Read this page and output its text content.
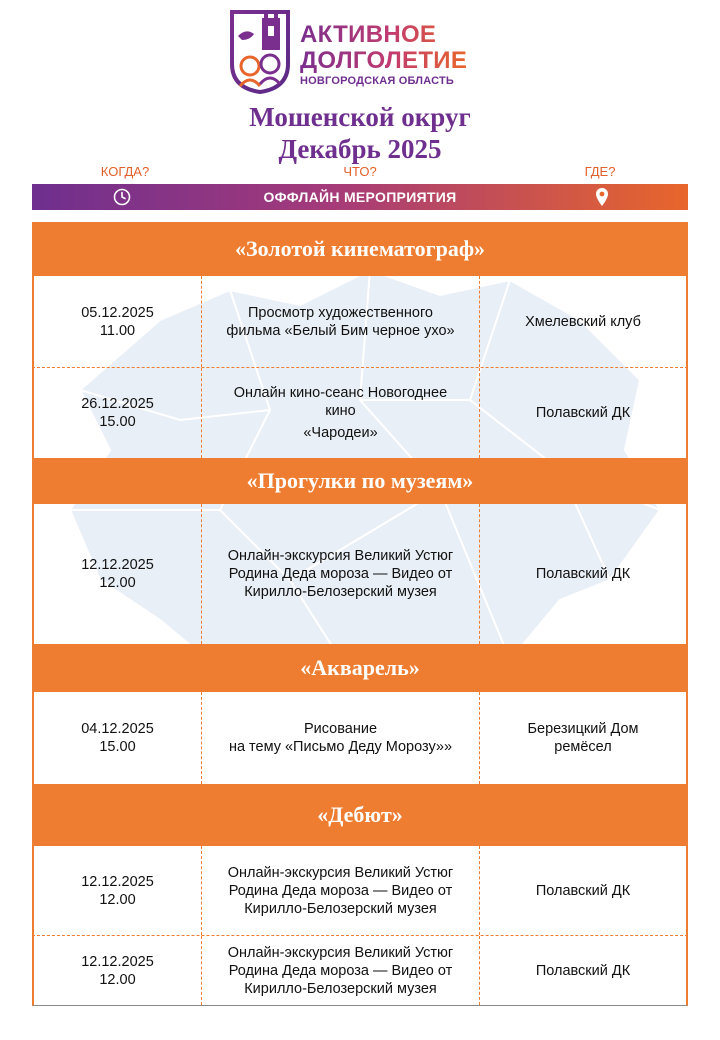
АКТИВНОЕ
ДОЛГОЛЕТИЕ
НОВГОРОДСКАЯ ОБЛАСТЬ
Мошенской округ
Декабрь 2025
КОГДА?	ЧТО?	ГДЕ?
ОФФЛАЙН МЕРОПРИЯТИЯ
«Золотой кинематограф»
05.12.2025
11.00
Просмотр художественного
фильма «Белый Бим черное ухо»
Хмелевский клуб
26.12.2025
15.00
Онлайн кино-сеанс Новогоднее
кино
«Чародеи»
Полавский ДК
«Прогулки по музеям»
12.12.2025
12.00
Онлайн-экскурсия Великий Устюг
Родина Деда мороза — Видео от
Кирилло-Белозерский музея
Полавский ДК
«Акварель»
04.12.2025
15.00
Рисование
на тему «Письмо Деду Морозу»»
Березицкий Дом
ремёсел
«Дебют»
12.12.2025
12.00
Онлайн-экскурсия Великий Устюг
Родина Деда мороза — Видео от
Кирилло-Белозерский музея
Полавский ДК
12.12.2025
12.00
Онлайн-экскурсия Великий Устюг
Родина Деда мороза — Видео от
Кирилло-Белозерский музея
Полавский ДК
